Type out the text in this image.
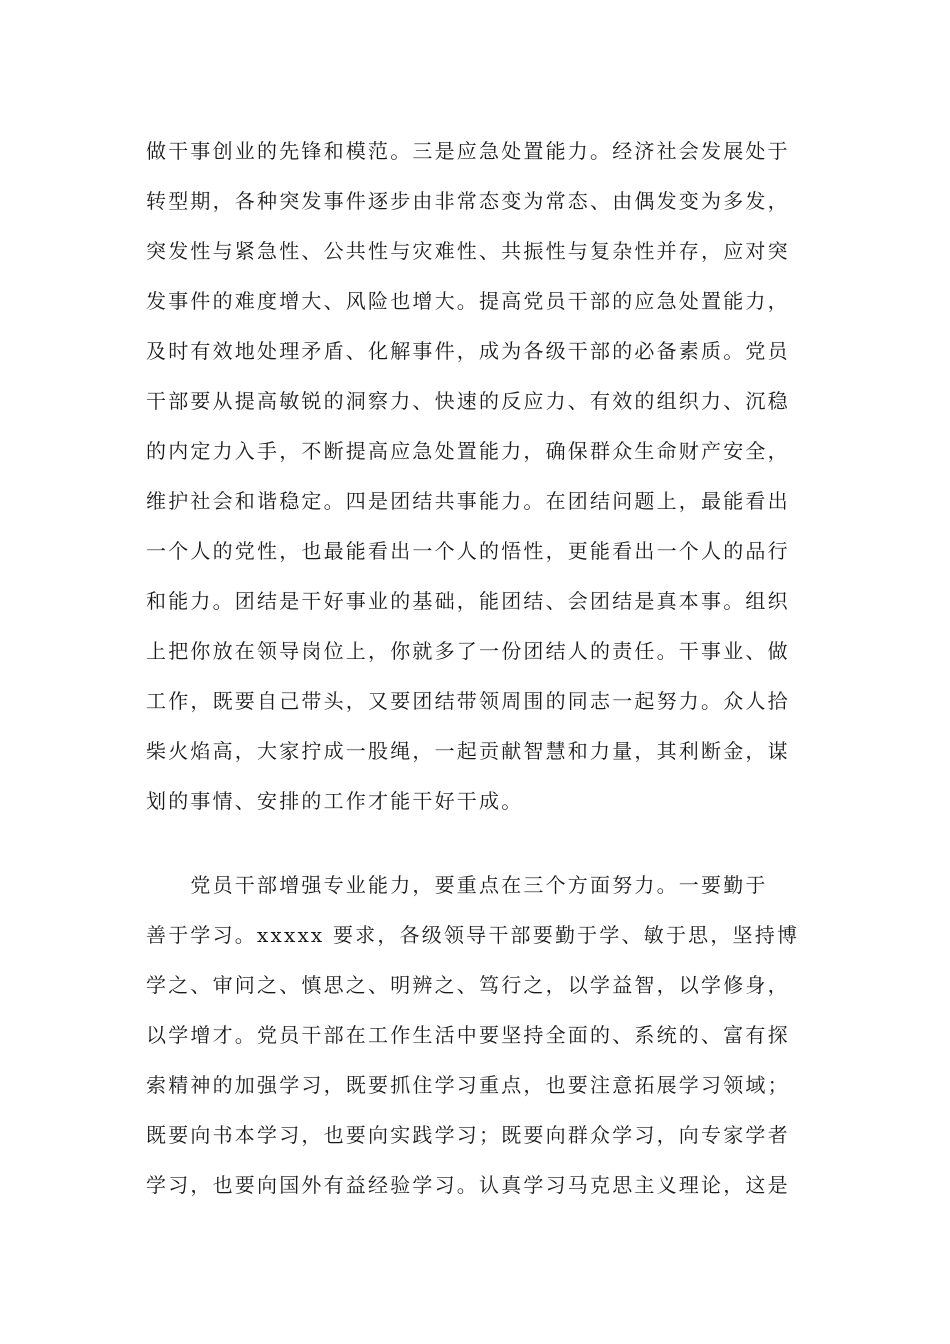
做干事创业的先锋和模范。三是应急处置能力。经济社会发展处于
转型期，各种突发事件逐步由非常态变为常态、由偶发变为多发，
突发性与紧急性、公共性与灾难性、共振性与复杂性并存，应对突
发事件的难度增大、风险也增大。提高党员干部的应急处置能力，
及时有效地处理矛盾、化解事件，成为各级干部的必备素质。党员
干部要从提高敏锐的洞察力、快速的反应力、有效的组织力、沉稳
的内定力入手，不断提高应急处置能力，确保群众生命财产安全，
维护社会和谐稳定。四是团结共事能力。在团结问题上，最能看出
一个人的党性，也最能看出一个人的悟性，更能看出一个人的品行
和能力。团结是干好事业的基础，能团结、会团结是真本事。组织
上把你放在领导岗位上，你就多了一份团结人的责任。干事业、做
工作，既要自己带头，又要团结带领周围的同志一起努力。众人拾
柴火焰高，大家拧成一股绳，一起贡献智慧和力量，其利断金，谋
划的事情、安排的工作才能干好干成。
　　党员干部增强专业能力，要重点在三个方面努力。一要勤于
善于学习。xxxxx 要求，各级领导干部要勤于学、敏于思，坚持博
学之、审问之、慎思之、明辨之、笃行之，以学益智，以学修身，
以学增才。党员干部在工作生活中要坚持全面的、系统的、富有探
索精神的加强学习，既要抓住学习重点，也要注意拓展学习领域；
既要向书本学习，也要向实践学习；既要向群众学习，向专家学者
学习，也要向国外有益经验学习。认真学习马克思主义理论，这是
